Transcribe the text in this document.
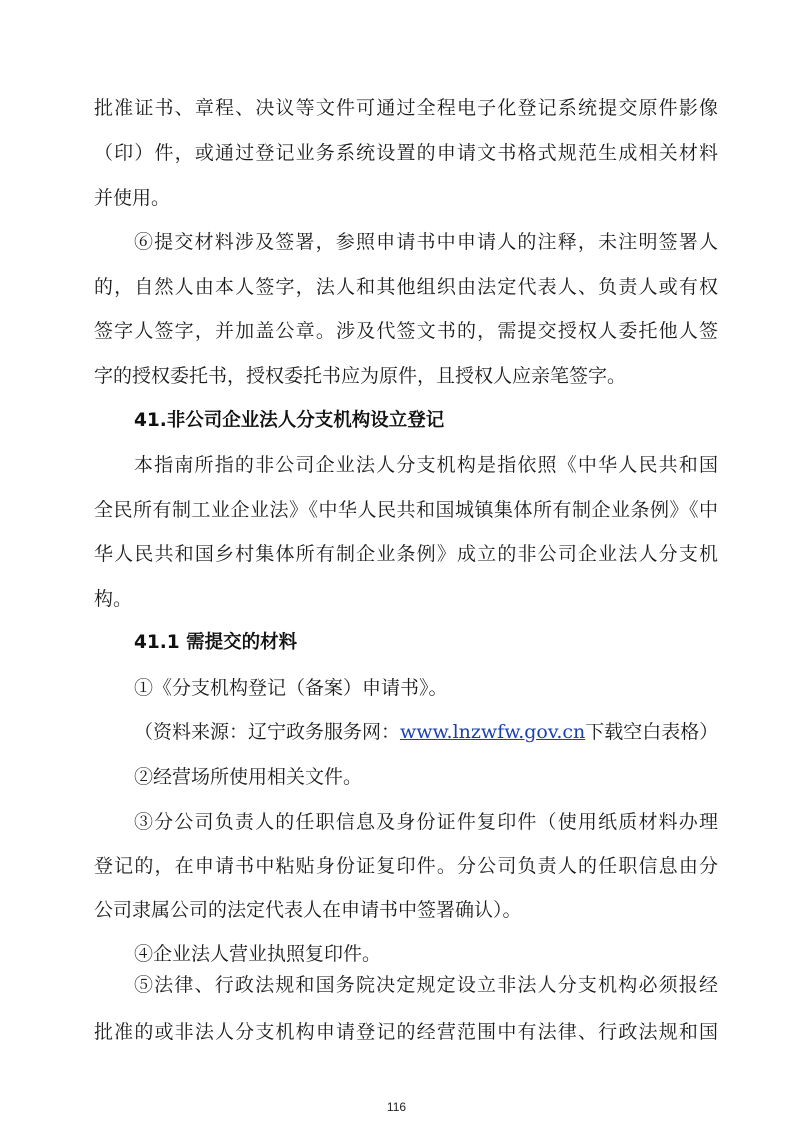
批准证书、章程、决议等文件可通过全程电子化登记系统提交原件影像
（印）件，或通过登记业务系统设置的申请文书格式规范生成相关材料
并使用。
⑥提交材料涉及签署，参照申请书中申请人的注释，未注明签署人
的，自然人由本人签字，法人和其他组织由法定代表人、负责人或有权
签字人签字，并加盖公章。涉及代签文书的，需提交授权人委托他人签
字的授权委托书，授权委托书应为原件，且授权人应亲笔签字。
41.非公司企业法人分支机构设立登记
本指南所指的非公司企业法人分支机构是指依照《中华人民共和国
全民所有制工业企业法》《中华人民共和国城镇集体所有制企业条例》《中
华人民共和国乡村集体所有制企业条例》成立的非公司企业法人分支机
构。
41.1 需提交的材料
①《分支机构登记（备案）申请书》。
（资料来源：辽宁政务服务网：www.lnzwfw.gov.cn下载空白表格）
②经营场所使用相关文件。
③分公司负责人的任职信息及身份证件复印件（使用纸质材料办理
登记的，在申请书中粘贴身份证复印件。分公司负责人的任职信息由分
公司隶属公司的法定代表人在申请书中签署确认）。
④企业法人营业执照复印件。
⑤法律、行政法规和国务院决定规定设立非法人分支机构必须报经
批准的或非法人分支机构申请登记的经营范围中有法律、行政法规和国
116
